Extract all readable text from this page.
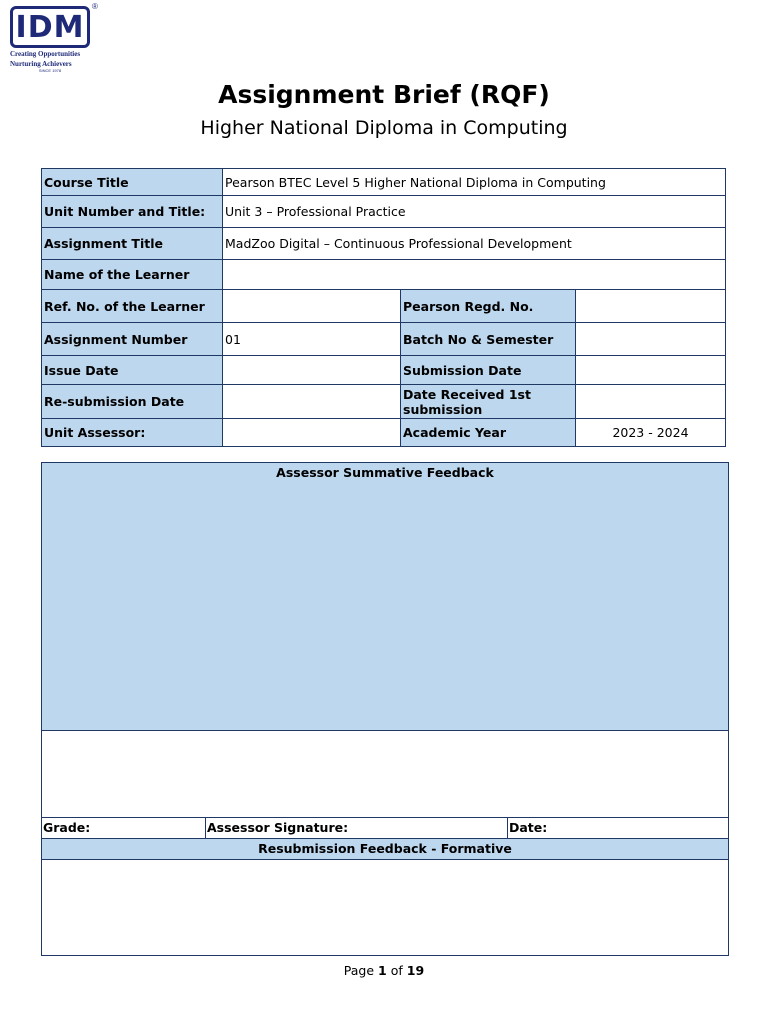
IDM
®
Creating Opportunities
Nurturing Achievers
SINCE 1978
Assignment Brief (RQF)
Higher National Diploma in Computing
Course Title	Pearson BTEC Level 5 Higher National Diploma in Computing		
Unit Number and Title:	Unit 3 – Professional Practice		
Assignment Title	MadZoo Digital – Continuous Professional Development		
Name of the Learner			
Ref. No. of the Learner		Pearson Regd. No.	
Assignment Number	01	Batch No & Semester	
Issue Date		Submission Date	
Re-submission Date		Date Received 1st submission	
Unit Assessor:		Academic Year	2023 - 2024
Assessor Summative Feedback
Grade:	Assessor Signature:	Date:
Resubmission Feedback - Formative
Page 1 of 19
